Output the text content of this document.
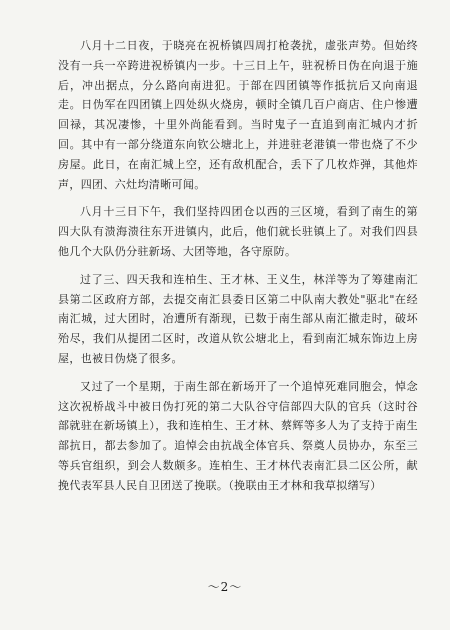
八月十二日夜，于晓亮在祝桥镇四周打枪袭扰，虚张声势。但始终没有一兵一卒跨进祝桥镇内一步。十三日上午，驻祝桥日伪在向退于施后，冲出据点，分么路向南进犯。于部在四团镇等作抵抗后又向南退走。日伪军在四团镇上四处纵火烧房，顿时全镇几百户商店、住户惨遭回禄，其况凄惨，十里外尚能看到。当时鬼子一直追到南汇城内才折回。其中有一部分绕道东向钦公塘北上，并进驻老港镇一带也烧了不少房屋。此日，在南汇城上空，还有敌机配合，丢下了几枚炸弹，其他炸声，四团、六灶均清晰可闻。

八月十三日下午，我们坚持四团仓以西的三区境，看到了南生的第四大队有溃海溃往东开进镇内，此后，他们就长驻镇上了。对我们四县他几个大队仍分驻新场、大团等地，各守原防。

过了三、四天我和连柏生、王才林、王义生，林洋等为了筹建南汇县第二区政府方部，去提交南汇县委日区第二中队南大教处"驱北"在经南汇城，过大团时，冶遭所有渐现，已数于南生部从南汇撤走时，破坏殆尽，我们从提团二区时，改道从钦公塘北上，看到南汇城东饰边上房屋，也被日伪烧了很多。

又过了一个星期，于南生部在新场开了一个追悼死难同胞会，悼念这次祝桥战斗中被日伪打死的第二大队谷守信部四大队的官兵（这时谷部就驻在新场镇上），我和连柏生、王才林、蔡辉等多人为了支持于南生部抗日，都去参加了。追悼会由抗战全体官兵、祭奠人员协办，东至三等兵官组织，到会人数颇多。连柏生、王才林代表南汇县二区公所，献挽代表军县人民自卫团送了挽联。（挽联由王才林和我草拟缮写）

～2～
